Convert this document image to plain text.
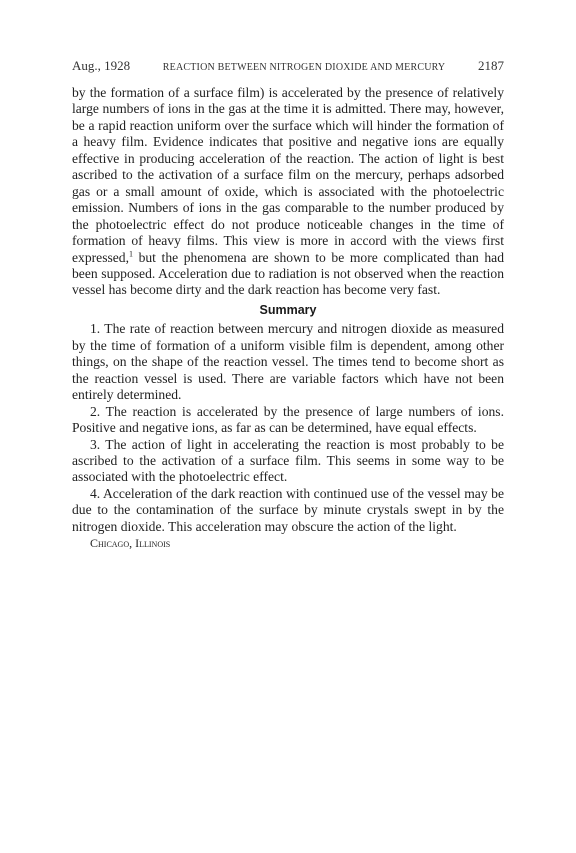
Aug., 1928	REACTION BETWEEN NITROGEN DIOXIDE AND MERCURY	2187

by the formation of a surface film) is accelerated by the presence of relatively large numbers of ions in the gas at the time it is admitted. There may, however, be a rapid reaction uniform over the surface which will hinder the formation of a heavy film. Evidence indicates that positive and negative ions are equally effective in producing acceleration of the reaction. The action of light is best ascribed to the activation of a surface film on the mercury, perhaps adsorbed gas or a small amount of oxide, which is associated with the photoelectric emission. Numbers of ions in the gas comparable to the number produced by the photoelectric effect do not produce noticeable changes in the time of formation of heavy films. This view is more in accord with the views first expressed,$^1$ but the phenomena are shown to be more complicated than had been supposed. Acceleration due to radiation is not observed when the reaction vessel has become dirty and the dark reaction has become very fast.

Summary

1. The rate of reaction between mercury and nitrogen dioxide as measured by the time of formation of a uniform visible film is dependent, among other things, on the shape of the reaction vessel. The times tend to become short as the reaction vessel is used. There are variable factors which have not been entirely determined.

2. The reaction is accelerated by the presence of large numbers of ions. Positive and negative ions, as far as can be determined, have equal effects.

3. The action of light in accelerating the reaction is most probably to be ascribed to the activation of a surface film. This seems in some way to be associated with the photoelectric effect.

4. Acceleration of the dark reaction with continued use of the vessel may be due to the contamination of the surface by minute crystals swept in by the nitrogen dioxide. This acceleration may obscure the action of the light.

Chicago, Illinois
